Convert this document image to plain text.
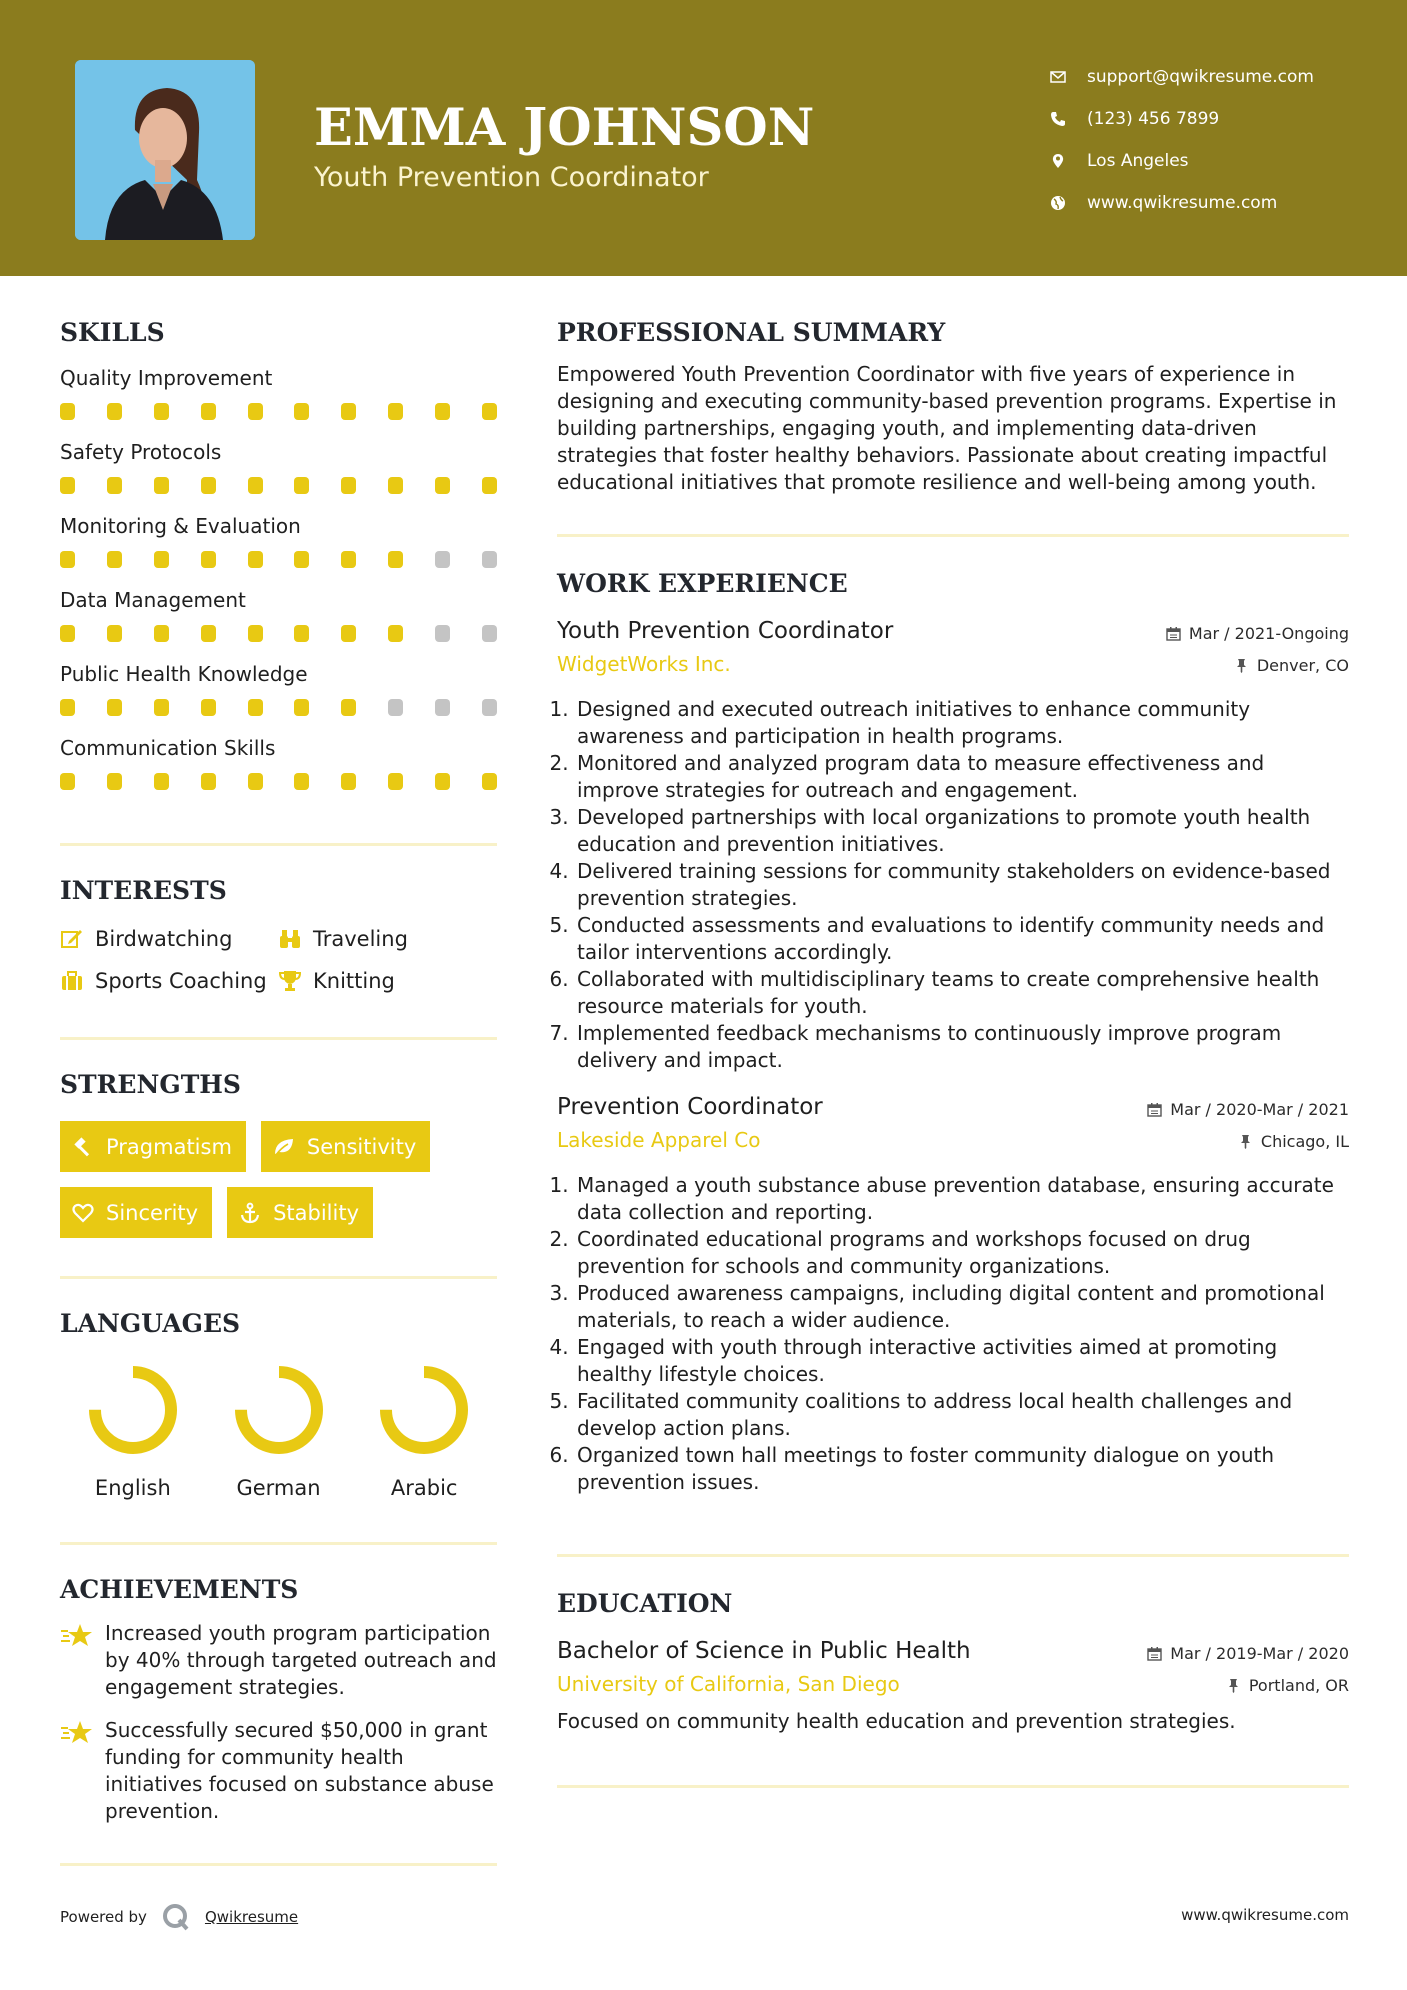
EMMA JOHNSON
Youth Prevention Coordinator
support@qwikresume.com
(123) 456 7899
Los Angeles
www.qwikresume.com
SKILLS
Quality Improvement
Safety Protocols
Monitoring & Evaluation
Data Management
Public Health Knowledge
Communication Skills
INTERESTS
Birdwatching	Traveling
Sports Coaching Knitting
STRENGTHS
Pragmatism	Sensitivity
Sincerity	Stability
LANGUAGES
English	German	Arabic
ACHIEVEMENTS
Increased youth program participation by 40% through targeted outreach and engagement strategies.
Successfully secured $50,000 in grant funding for community health initiatives focused on substance abuse prevention.
PROFESSIONAL SUMMARY
Empowered Youth Prevention Coordinator with five years of experience in designing and executing community-based prevention programs. Expertise in building partnerships, engaging youth, and implementing data-driven strategies that foster healthy behaviors. Passionate about creating impactful educational initiatives that promote resilience and well-being among youth.
WORK EXPERIENCE
Youth Prevention Coordinator	Mar / 2021-Ongoing
WidgetWorks Inc.	Denver, CO
1. Designed and executed outreach initiatives to enhance community awareness and participation in health programs.
2. Monitored and analyzed program data to measure effectiveness and improve strategies for outreach and engagement.
3. Developed partnerships with local organizations to promote youth health education and prevention initiatives.
4. Delivered training sessions for community stakeholders on evidence-based prevention strategies.
5. Conducted assessments and evaluations to identify community needs and tailor interventions accordingly.
6. Collaborated with multidisciplinary teams to create comprehensive health resource materials for youth.
7. Implemented feedback mechanisms to continuously improve program delivery and impact.
Prevention Coordinator	Mar / 2020-Mar / 2021
Lakeside Apparel Co	Chicago, IL
1. Managed a youth substance abuse prevention database, ensuring accurate data collection and reporting.
2. Coordinated educational programs and workshops focused on drug prevention for schools and community organizations.
3. Produced awareness campaigns, including digital content and promotional materials, to reach a wider audience.
4. Engaged with youth through interactive activities aimed at promoting healthy lifestyle choices.
5. Facilitated community coalitions to address local health challenges and develop action plans.
6. Organized town hall meetings to foster community dialogue on youth prevention issues.
EDUCATION
Bachelor of Science in Public Health	Mar / 2019-Mar / 2020
University of California, San Diego	Portland, OR
Focused on community health education and prevention strategies.
Powered by	Qwikresume	www.qwikresume.com
